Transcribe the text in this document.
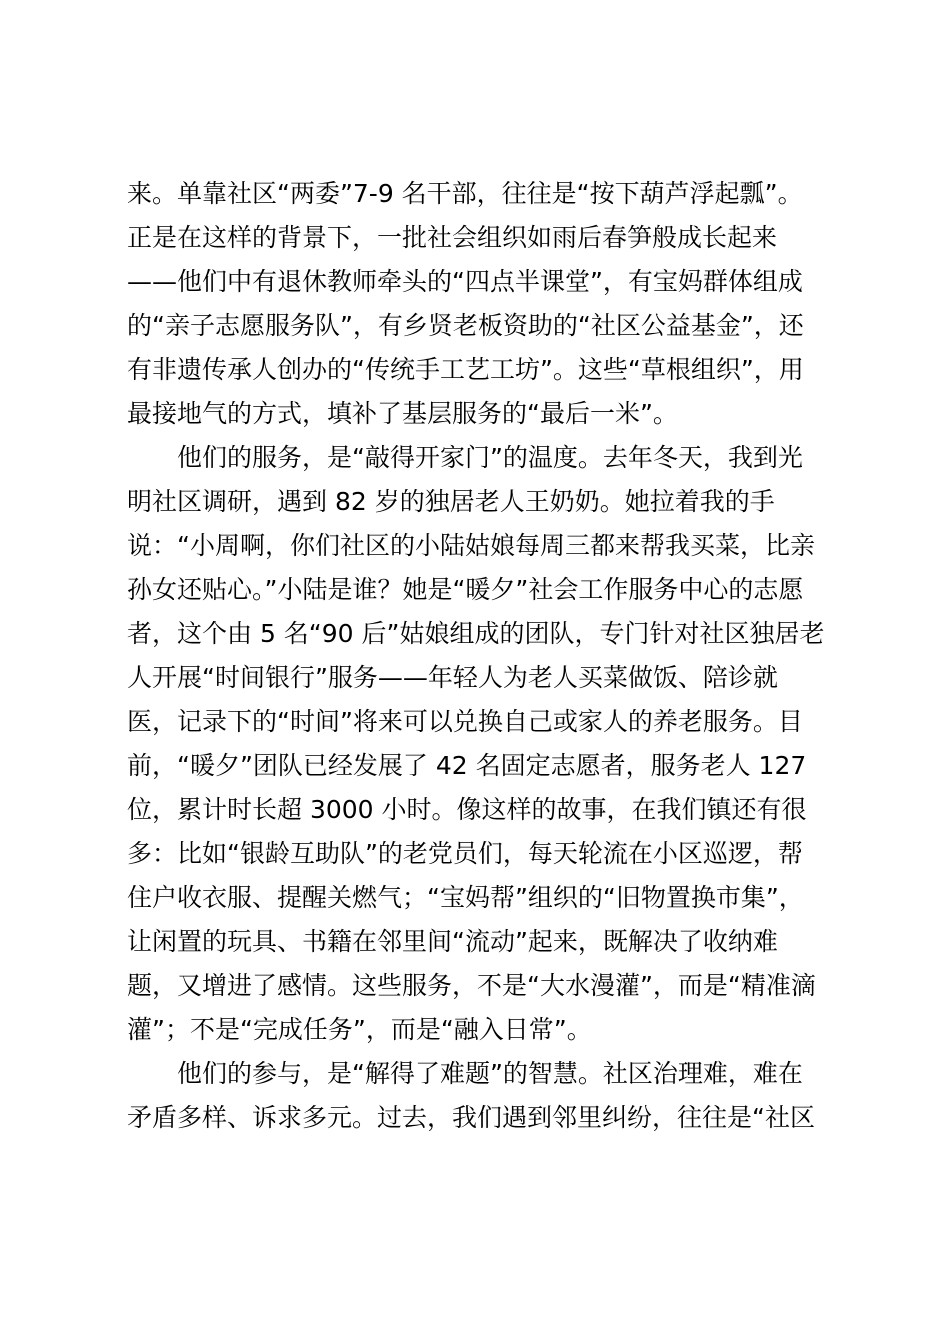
来。单靠社区“两委”7-9 名干部，往往是“按下葫芦浮起瓢”。
正是在这样的背景下，一批社会组织如雨后春笋般成长起来
——他们中有退休教师牵头的“四点半课堂”，有宝妈群体组成
的“亲子志愿服务队”，有乡贤老板资助的“社区公益基金”，还
有非遗传承人创办的“传统手工艺工坊”。这些“草根组织”，用
最接地气的方式，填补了基层服务的“最后一米”。
他们的服务，是“敲得开家门”的温度。去年冬天，我到光
明社区调研，遇到 82 岁的独居老人王奶奶。她拉着我的手
说：“小周啊，你们社区的小陆姑娘每周三都来帮我买菜，比亲
孙女还贴心。”小陆是谁？她是“暖夕”社会工作服务中心的志愿
者，这个由 5 名“90 后”姑娘组成的团队，专门针对社区独居老
人开展“时间银行”服务——年轻人为老人买菜做饭、陪诊就
医，记录下的“时间”将来可以兑换自己或家人的养老服务。目
前，“暖夕”团队已经发展了 42 名固定志愿者，服务老人 127
位，累计时长超 3000 小时。像这样的故事，在我们镇还有很
多：比如“银龄互助队”的老党员们，每天轮流在小区巡逻，帮
住户收衣服、提醒关燃气；“宝妈帮”组织的“旧物置换市集”，
让闲置的玩具、书籍在邻里间“流动”起来，既解决了收纳难
题，又增进了感情。这些服务，不是“大水漫灌”，而是“精准滴
灌”；不是“完成任务”，而是“融入日常”。
他们的参与，是“解得了难题”的智慧。社区治理难，难在
矛盾多样、诉求多元。过去，我们遇到邻里纠纷，往往是“社区
